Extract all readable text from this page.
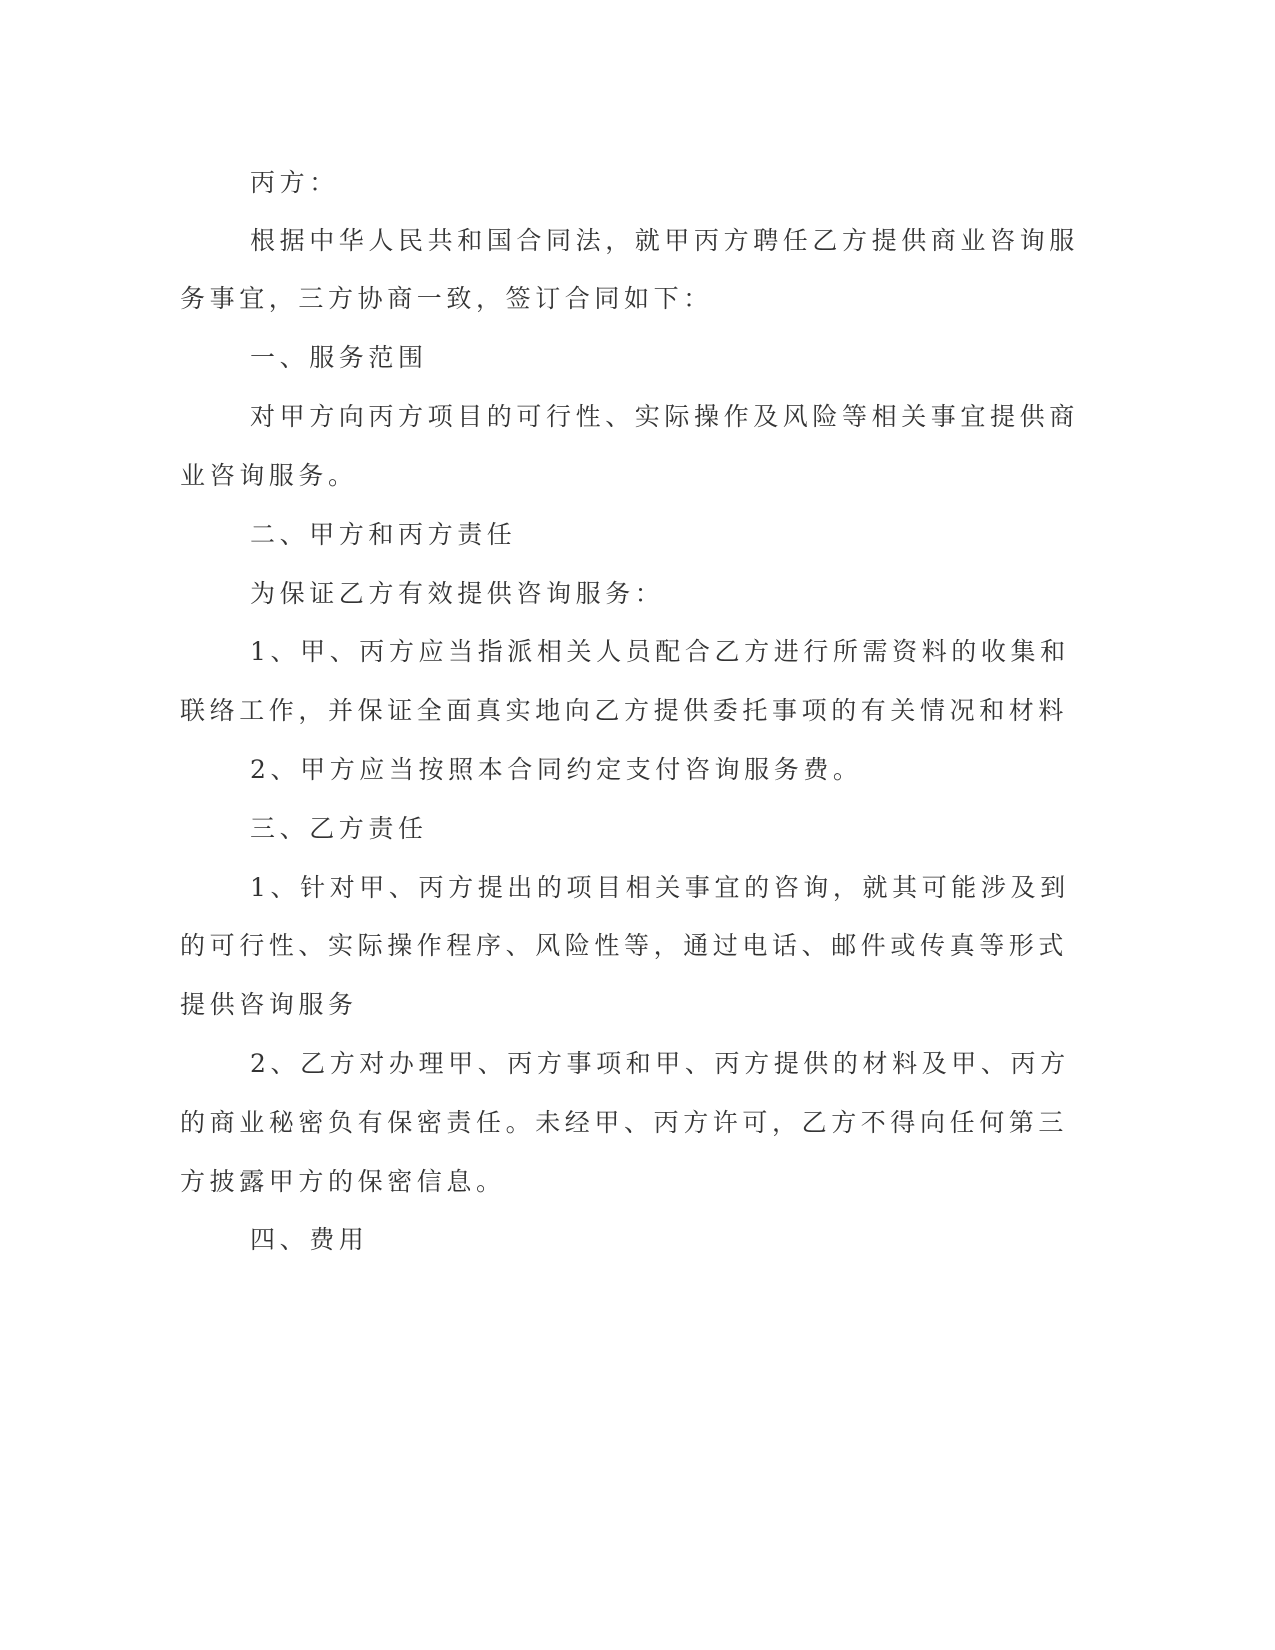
丙方：
根据中华人民共和国合同法，就甲丙方聘任乙方提供商业咨询服
务事宜，三方协商一致，签订合同如下：
一、服务范围
对甲方向丙方项目的可行性、实际操作及风险等相关事宜提供商
业咨询服务。
二、甲方和丙方责任
为保证乙方有效提供咨询服务：
1、甲、丙方应当指派相关人员配合乙方进行所需资料的收集和
联络工作，并保证全面真实地向乙方提供委托事项的有关情况和材料
2、甲方应当按照本合同约定支付咨询服务费。
三、乙方责任
1、针对甲、丙方提出的项目相关事宜的咨询，就其可能涉及到
的可行性、实际操作程序、风险性等，通过电话、邮件或传真等形式
提供咨询服务
2、乙方对办理甲、丙方事项和甲、丙方提供的材料及甲、丙方
的商业秘密负有保密责任。未经甲、丙方许可，乙方不得向任何第三
方披露甲方的保密信息。
四、费用
